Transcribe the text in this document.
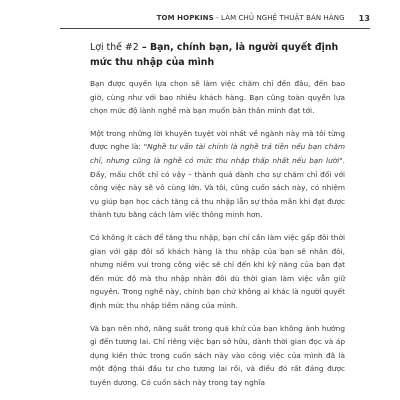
TOM HOPKINS - LÀM CHỦ NGHỆ THUẬT BÁN HÀNG 13
Lợi thế #2 – Bạn, chính bạn, là người quyết định mức thu nhập của mình

Bạn được quyền lựa chọn sẽ làm việc chăm chỉ đến đâu, đến bao giờ, cùng như với bao nhiêu khách hàng. Bạn cũng toàn quyền lựa chọn mức độ lành nghề mà bạn muốn bản thân mình đạt tới.

Một trong những lời khuyên tuyệt vời nhất về ngành này mà tôi từng được nghe là: "Nghề tư vấn tài chính là nghề trả tiền nếu bạn chăm chỉ, nhưng cũng là nghề có mức thu nhập thấp nhất nếu bạn lười". Đấy, mấu chốt chỉ có vậy – thành quả dành cho sự chăm chỉ đối với công việc này sẽ vô cùng lớn. Và tôi, cũng cuốn sách này, có nhiệm vụ giúp bạn học cách tăng cả thu nhập lẫn sự thỏa mãn khi đạt được thành tựu bằng cách làm việc thông minh hơn.

Có không ít cách để tăng thu nhập, bạn chỉ cần làm việc gấp đôi thời gian với gặp đôi số khách hàng là thu nhập của bạn sẽ nhân đôi, nhưng niềm vui trong công việc sẽ chỉ đến khi kỹ năng của bạn đạt đến mức độ mà thu nhập nhân đôi dù thời gian làm việc vẫn giữ nguyên. Trong nghề này, chính bạn chứ không ai khác là người quyết định mức thu nhập tiềm năng của mình.

Và bạn nên nhớ, năng suất trong quá khứ của bạn không ảnh hưởng gì đến tương lai. Chỉ riêng việc bạn sở hữu, dành thời gian đọc và áp dụng kiến thức trong cuốn sách này vào công việc của mình đã là một động thái đầu tư cho tương lai rồi, và điều đó rất đáng được tuyên dương. Có cuốn sách này trong tay nghĩa
